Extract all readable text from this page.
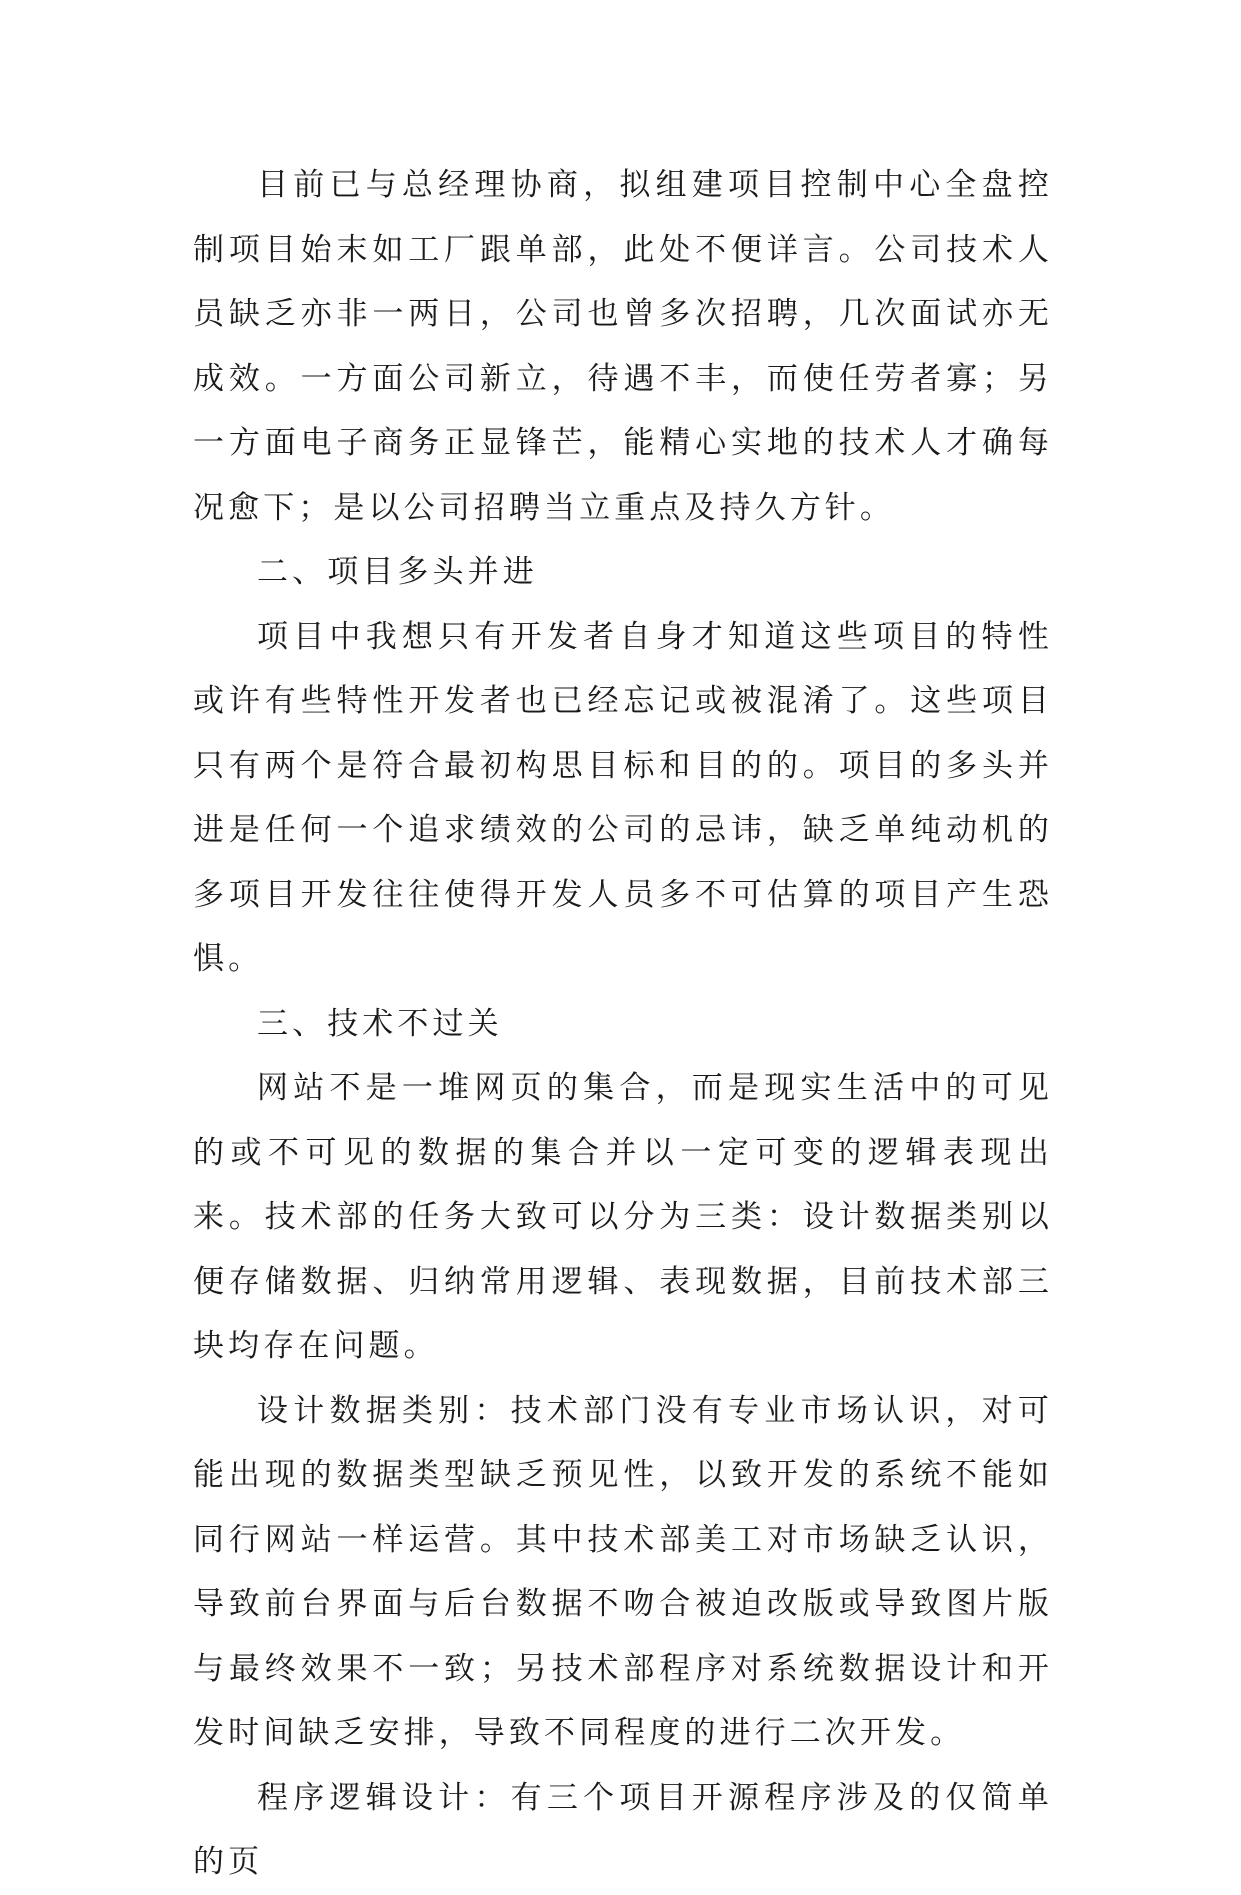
目前已与总经理协商，拟组建项目控制中心全盘控制项目始末如工厂跟单部，此处不便详言。公司技术人员缺乏亦非一两日，公司也曾多次招聘，几次面试亦无成效。一方面公司新立，待遇不丰，而使任劳者寡；另一方面电子商务正显锋芒，能精心实地的技术人才确每况愈下；是以公司招聘当立重点及持久方针。

二、项目多头并进

项目中我想只有开发者自身才知道这些项目的特性或许有些特性开发者也已经忘记或被混淆了。这些项目只有两个是符合最初构思目标和目的的。项目的多头并进是任何一个追求绩效的公司的忌讳，缺乏单纯动机的多项目开发往往使得开发人员多不可估算的项目产生恐惧。

三、技术不过关

网站不是一堆网页的集合，而是现实生活中的可见的或不可见的数据的集合并以一定可变的逻辑表现出来。技术部的任务大致可以分为三类：设计数据类别以便存储数据、归纳常用逻辑、表现数据，目前技术部三块均存在问题。

设计数据类别：技术部门没有专业市场认识，对可能出现的数据类型缺乏预见性，以致开发的系统不能如同行网站一样运营。其中技术部美工对市场缺乏认识，导致前台界面与后台数据不吻合被迫改版或导致图片版与最终效果不一致；另技术部程序对系统数据设计和开发时间缺乏安排，导致不同程度的进行二次开发。

程序逻辑设计：有三个项目开源程序涉及的仅简单的页
